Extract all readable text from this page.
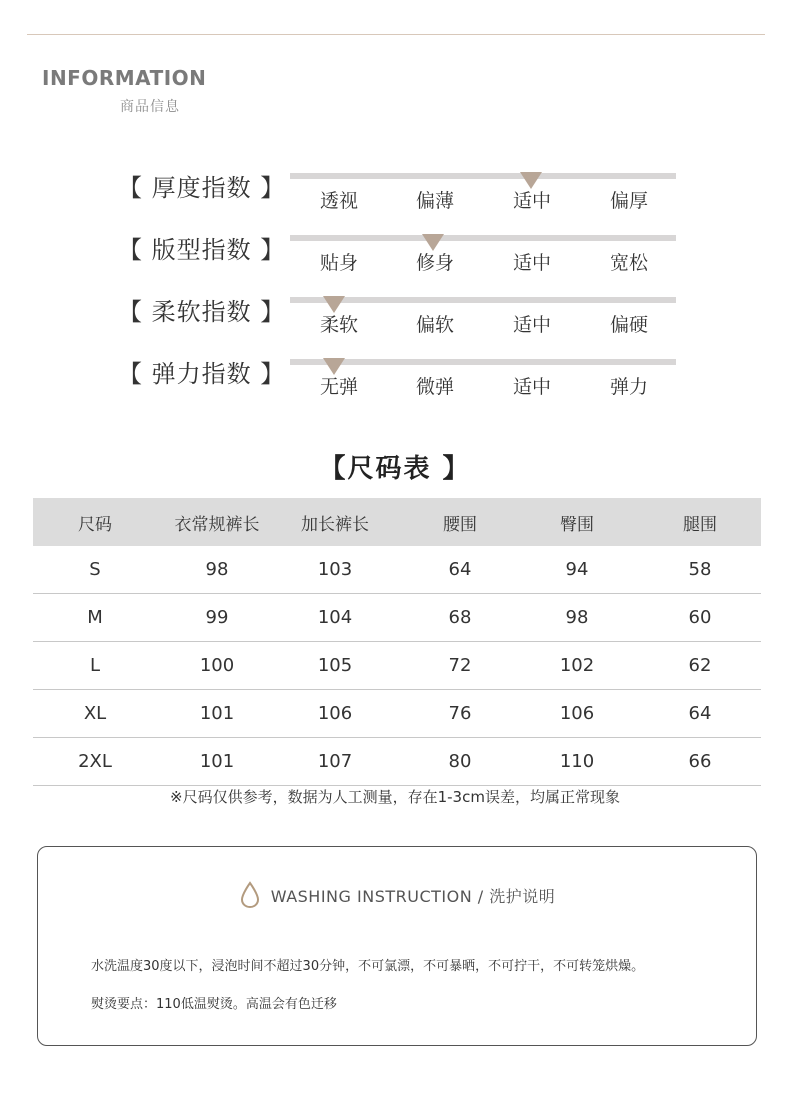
INFORMATION
商品信息
【 厚度指数 】	透视	偏薄	适中	偏厚
【 版型指数 】	贴身	修身	适中	宽松
【 柔软指数 】	柔软	偏软	适中	偏硬
【 弹力指数 】	无弹	微弹	适中	弹力
【尺码表 】
尺码	衣常规裤长	加长裤长	腰围	臀围	腿围
S	98	103	64	94	58
M	99	104	68	98	60
L	100	105	72	102	62
XL	101	106	76	106	64
2XL	101	107	80	110	66
※尺码仅供参考，数据为人工测量，存在1-3cm误差，均属正常现象
WASHING INSTRUCTION / 洗护说明
水洗温度30度以下，浸泡时间不超过30分钟，不可氯漂，不可暴晒，不可拧干，不可转笼烘燥。
熨烫要点：110低温熨烫。高温会有色迁移
